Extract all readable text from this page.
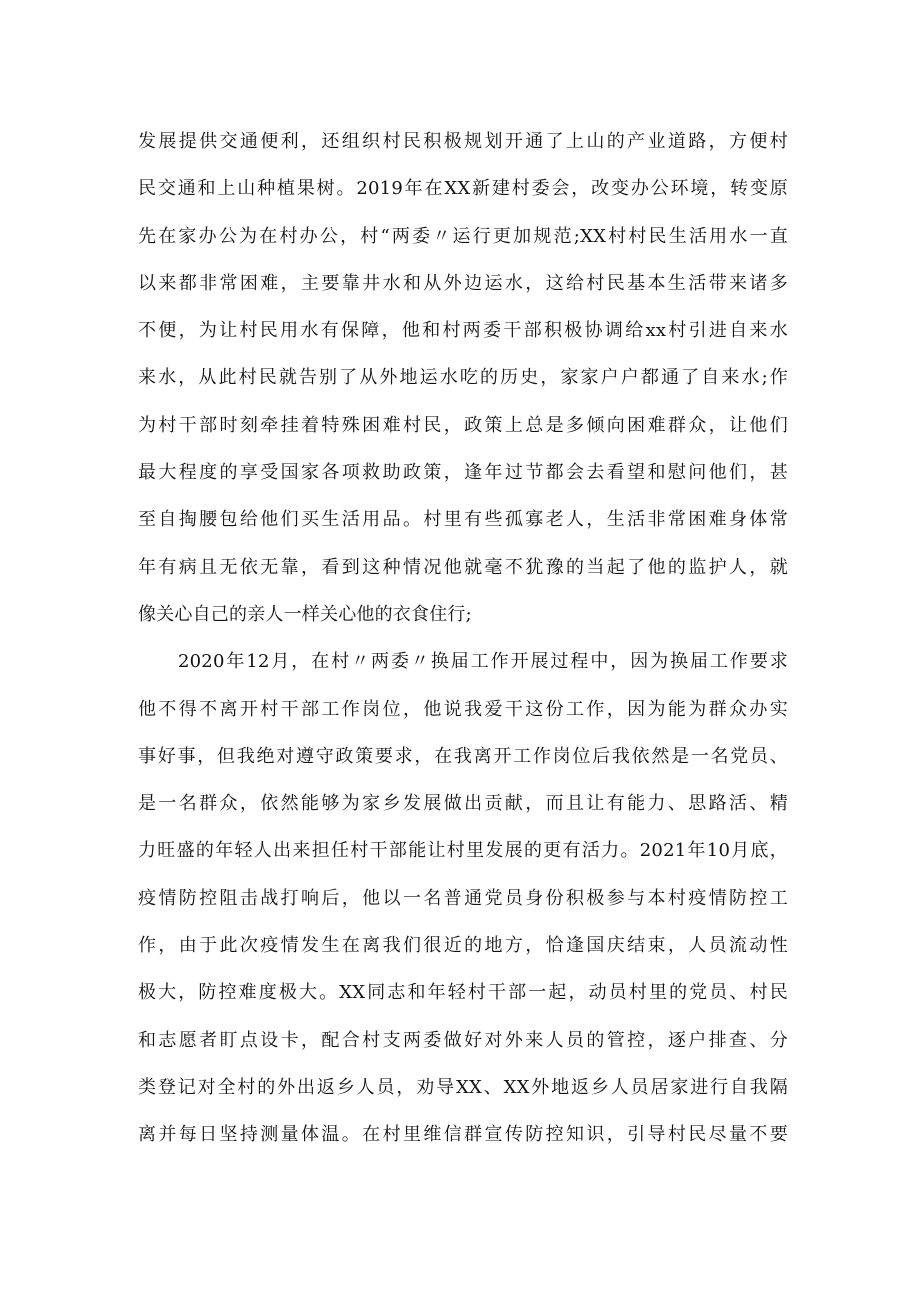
发展提供交通便利，还组织村民积极规划开通了上山的产业道路，方便村
民交通和上山种植果树。2019年在XX新建村委会，改变办公环境，转变原
先在家办公为在村办公，村“两委〃运行更加规范;XX村村民生活用水一直
以来都非常困难，主要靠井水和从外边运水，这给村民基本生活带来诸多
不便，为让村民用水有保障，他和村两委干部积极协调给xx村引进自来水
来水，从此村民就告别了从外地运水吃的历史，家家户户都通了自来水;作
为村干部时刻牵挂着特殊困难村民，政策上总是多倾向困难群众，让他们
最大程度的享受国家各项救助政策，逢年过节都会去看望和慰问他们，甚
至自掏腰包给他们买生活用品。村里有些孤寡老人，生活非常困难身体常
年有病且无依无靠，看到这种情况他就毫不犹豫的当起了他的监护人，就
像关心自己的亲人一样关心他的衣食住行;
2020年12月，在村〃两委〃换届工作开展过程中，因为换届工作要求
他不得不离开村干部工作岗位，他说我爱干这份工作，因为能为群众办实
事好事，但我绝对遵守政策要求，在我离开工作岗位后我依然是一名党员、
是一名群众，依然能够为家乡发展做出贡献，而且让有能力、思路活、精
力旺盛的年轻人出来担任村干部能让村里发展的更有活力。2021年10月底，
疫情防控阻击战打响后，他以一名普通党员身份积极参与本村疫情防控工
作，由于此次疫情发生在离我们很近的地方，恰逢国庆结束，人员流动性
极大，防控难度极大。XX同志和年轻村干部一起，动员村里的党员、村民
和志愿者盯点设卡，配合村支两委做好对外来人员的管控，逐户排查、分
类登记对全村的外出返乡人员，劝导XX、XX外地返乡人员居家进行自我隔
离并每日坚持测量体温。在村里维信群宣传防控知识，引导村民尽量不要
